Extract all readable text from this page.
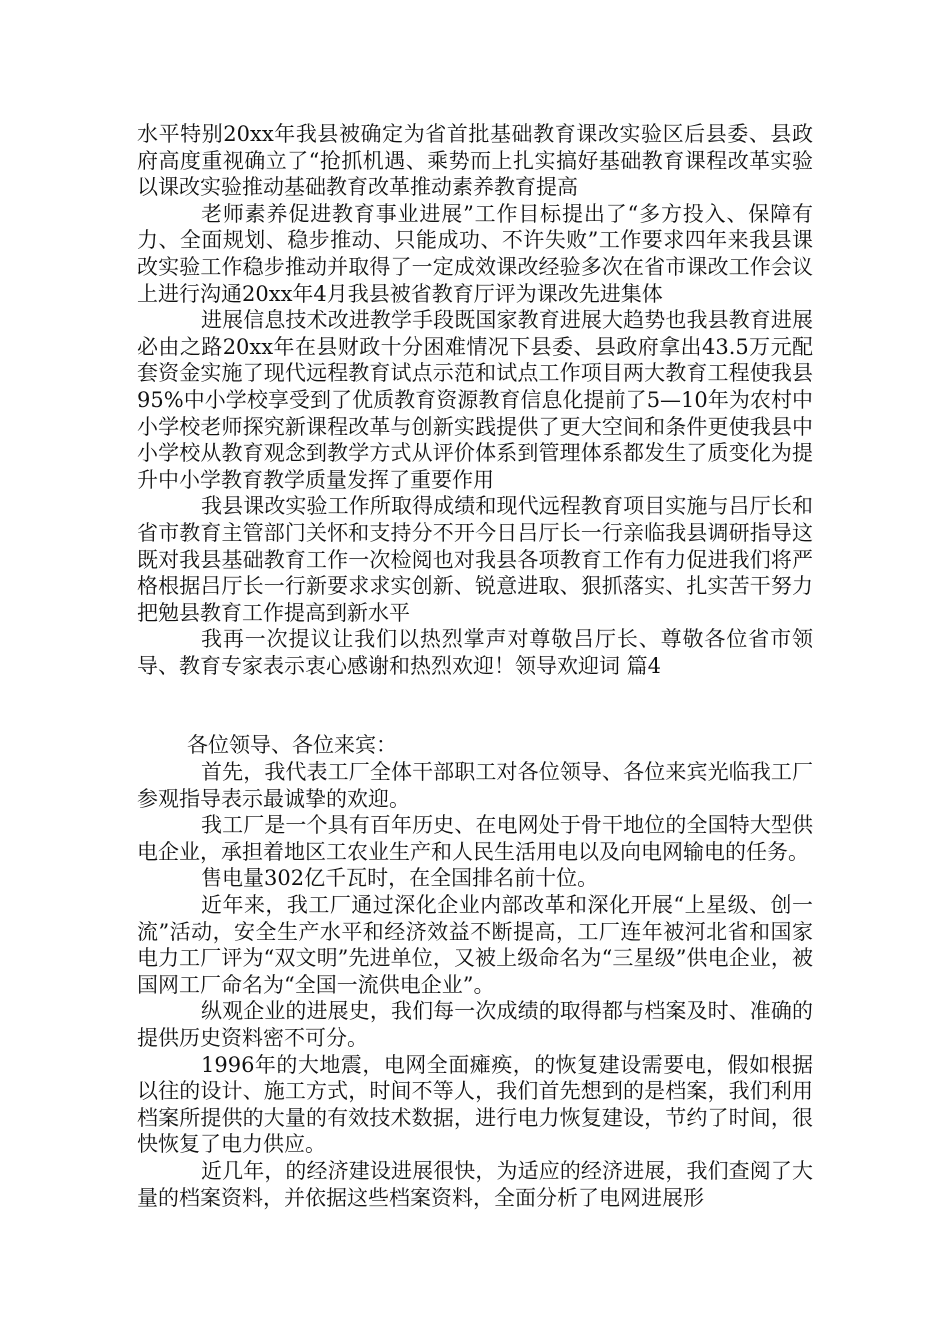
水平特别20xx年我县被确定为省首批基础教育课改实验区后县委、县政府高度重视确立了“抢抓机遇、乘势而上扎实搞好基础教育课程改革实验以课改实验推动基础教育改革推动素养教育提高

老师素养促进教育事业进展”工作目标提出了“多方投入、保障有力、全面规划、稳步推动、只能成功、不许失败”工作要求四年来我县课改实验工作稳步推动并取得了一定成效课改经验多次在省市课改工作会议上进行沟通20xx年4月我县被省教育厅评为课改先进集体

进展信息技术改进教学手段既国家教育进展大趋势也我县教育进展必由之路20xx年在县财政十分困难情况下县委、县政府拿出43.5万元配套资金实施了现代远程教育试点示范和试点工作项目两大教育工程使我县95%中小学校享受到了优质教育资源教育信息化提前了5—10年为农村中小学校老师探究新课程改革与创新实践提供了更大空间和条件更使我县中小学校从教育观念到教学方式从评价体系到管理体系都发生了质变化为提升中小学教育教学质量发挥了重要作用

我县课改实验工作所取得成绩和现代远程教育项目实施与吕厅长和省市教育主管部门关怀和支持分不开今日吕厅长一行亲临我县调研指导这既对我县基础教育工作一次检阅也对我县各项教育工作有力促进我们将严格根据吕厅长一行新要求求实创新、锐意进取、狠抓落实、扎实苦干努力把勉县教育工作提高到新水平

我再一次提议让我们以热烈掌声对尊敬吕厅长、尊敬各位省市领导、教育专家表示衷心感谢和热烈欢迎！领导欢迎词 篇4

各位领导、各位来宾：

首先，我代表工厂全体干部职工对各位领导、各位来宾光临我工厂参观指导表示最诚挚的欢迎。

我工厂是一个具有百年历史、在电网处于骨干地位的全国特大型供电企业，承担着地区工农业生产和人民生活用电以及向电网输电的任务。

售电量302亿千瓦时，在全国排名前十位。

近年来，我工厂通过深化企业内部改革和深化开展“上星级、创一流”活动，安全生产水平和经济效益不断提高，工厂连年被河北省和国家电力工厂评为“双文明”先进单位，又被上级命名为“三星级”供电企业，被国网工厂命名为“全国一流供电企业”。

纵观企业的进展史，我们每一次成绩的取得都与档案及时、准确的提供历史资料密不可分。

1996年的大地震，电网全面瘫痪，的恢复建设需要电，假如根据以往的设计、施工方式，时间不等人，我们首先想到的是档案，我们利用档案所提供的大量的有效技术数据，进行电力恢复建设，节约了时间，很快恢复了电力供应。

近几年，的经济建设进展很快，为适应的经济进展，我们查阅了大量的档案资料，并依据这些档案资料，全面分析了电网进展形
